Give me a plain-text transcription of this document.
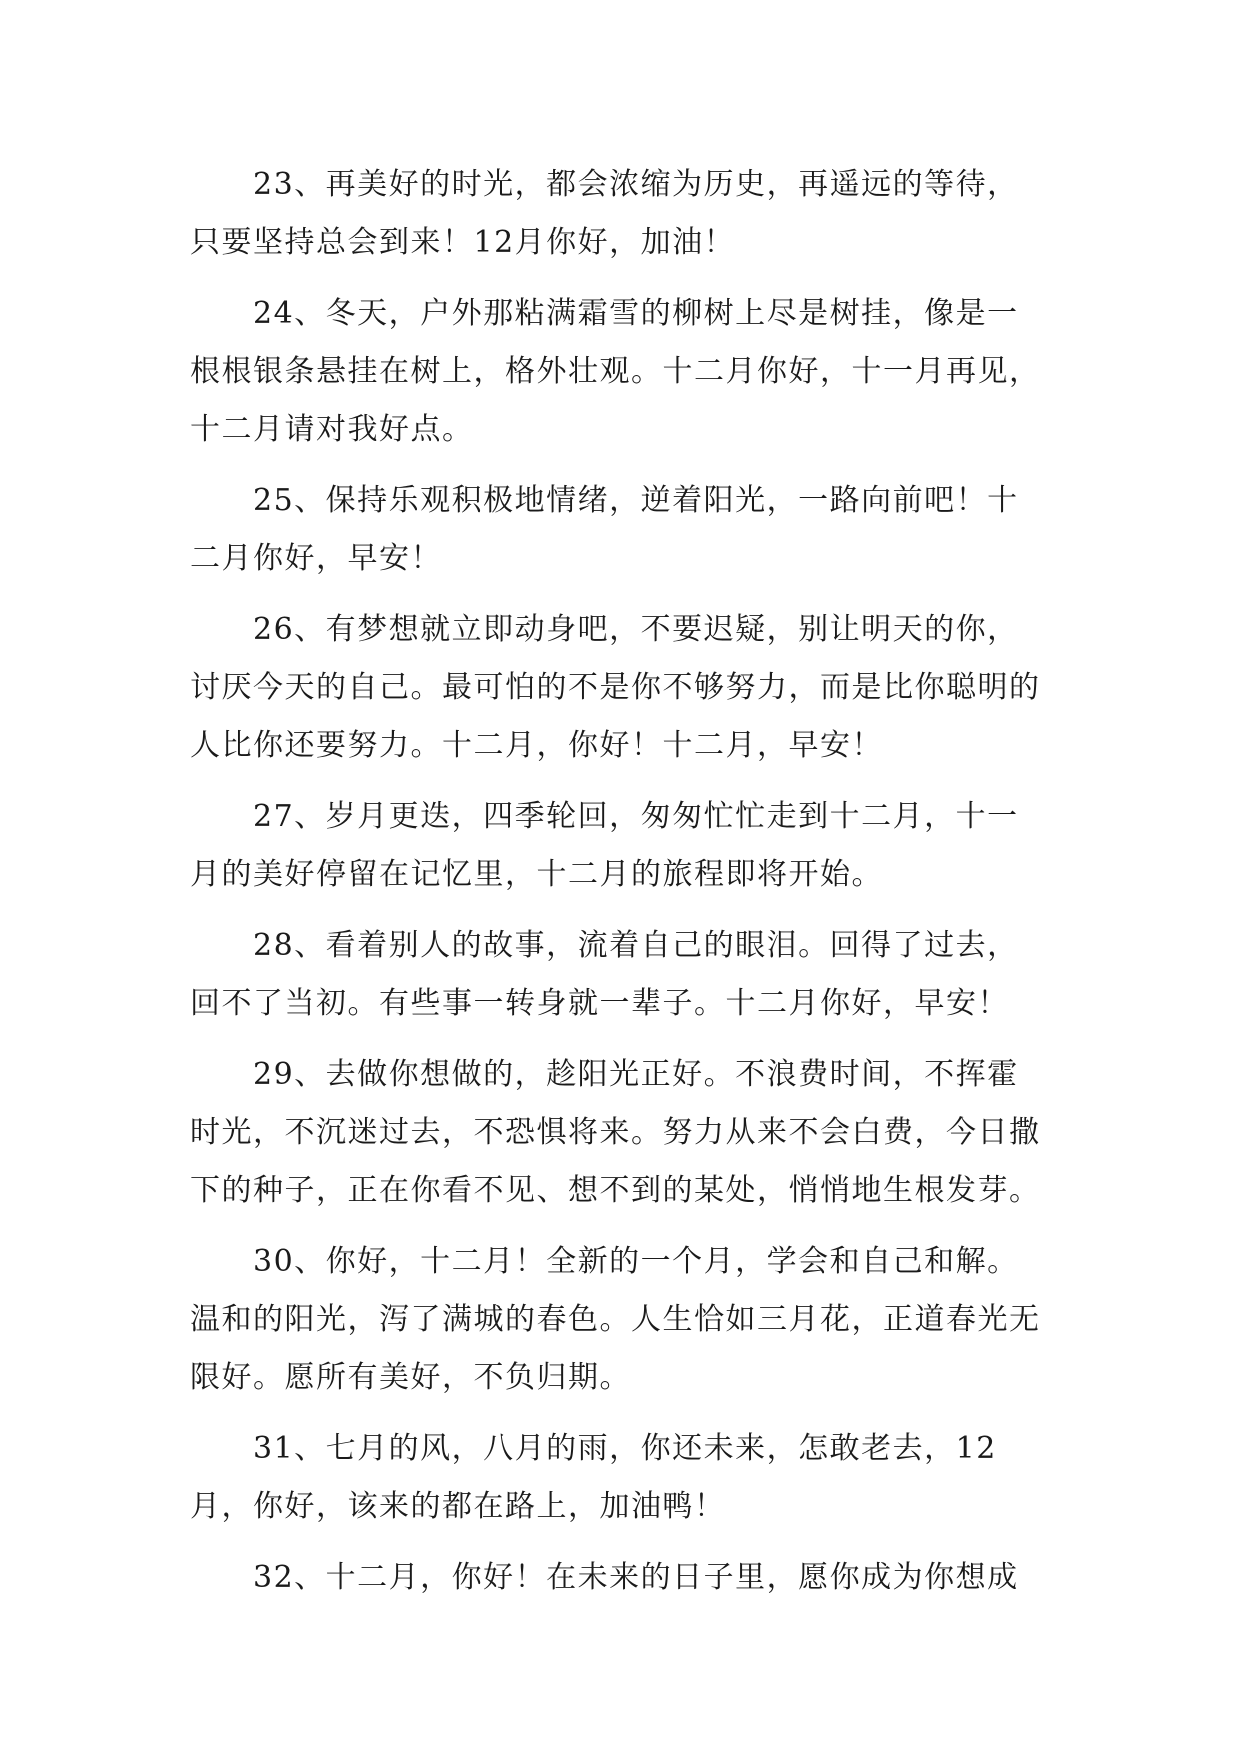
23、再美好的时光，都会浓缩为历史，再遥远的等待，只要坚持总会到来！12月你好，加油！

24、冬天，户外那粘满霜雪的柳树上尽是树挂，像是一根根银条悬挂在树上，格外壮观。十二月你好，十一月再见，十二月请对我好点。

25、保持乐观积极地情绪，逆着阳光，一路向前吧！十二月你好，早安！

26、有梦想就立即动身吧，不要迟疑，别让明天的你，讨厌今天的自己。最可怕的不是你不够努力，而是比你聪明的人比你还要努力。十二月，你好！十二月，早安！

27、岁月更迭，四季轮回，匆匆忙忙走到十二月，十一月的美好停留在记忆里，十二月的旅程即将开始。

28、看着别人的故事，流着自己的眼泪。回得了过去，回不了当初。有些事一转身就一辈子。十二月你好，早安！

29、去做你想做的，趁阳光正好。不浪费时间，不挥霍时光，不沉迷过去，不恐惧将来。努力从来不会白费，今日撒下的种子，正在你看不见、想不到的某处，悄悄地生根发芽。

30、你好，十二月！全新的一个月，学会和自己和解。温和的阳光，泻了满城的春色。人生恰如三月花，正道春光无限好。愿所有美好，不负归期。

31、七月的风，八月的雨，你还未来，怎敢老去，12月，你好，该来的都在路上，加油鸭！

32、十二月，你好！在未来的日子里，愿你成为你想成
